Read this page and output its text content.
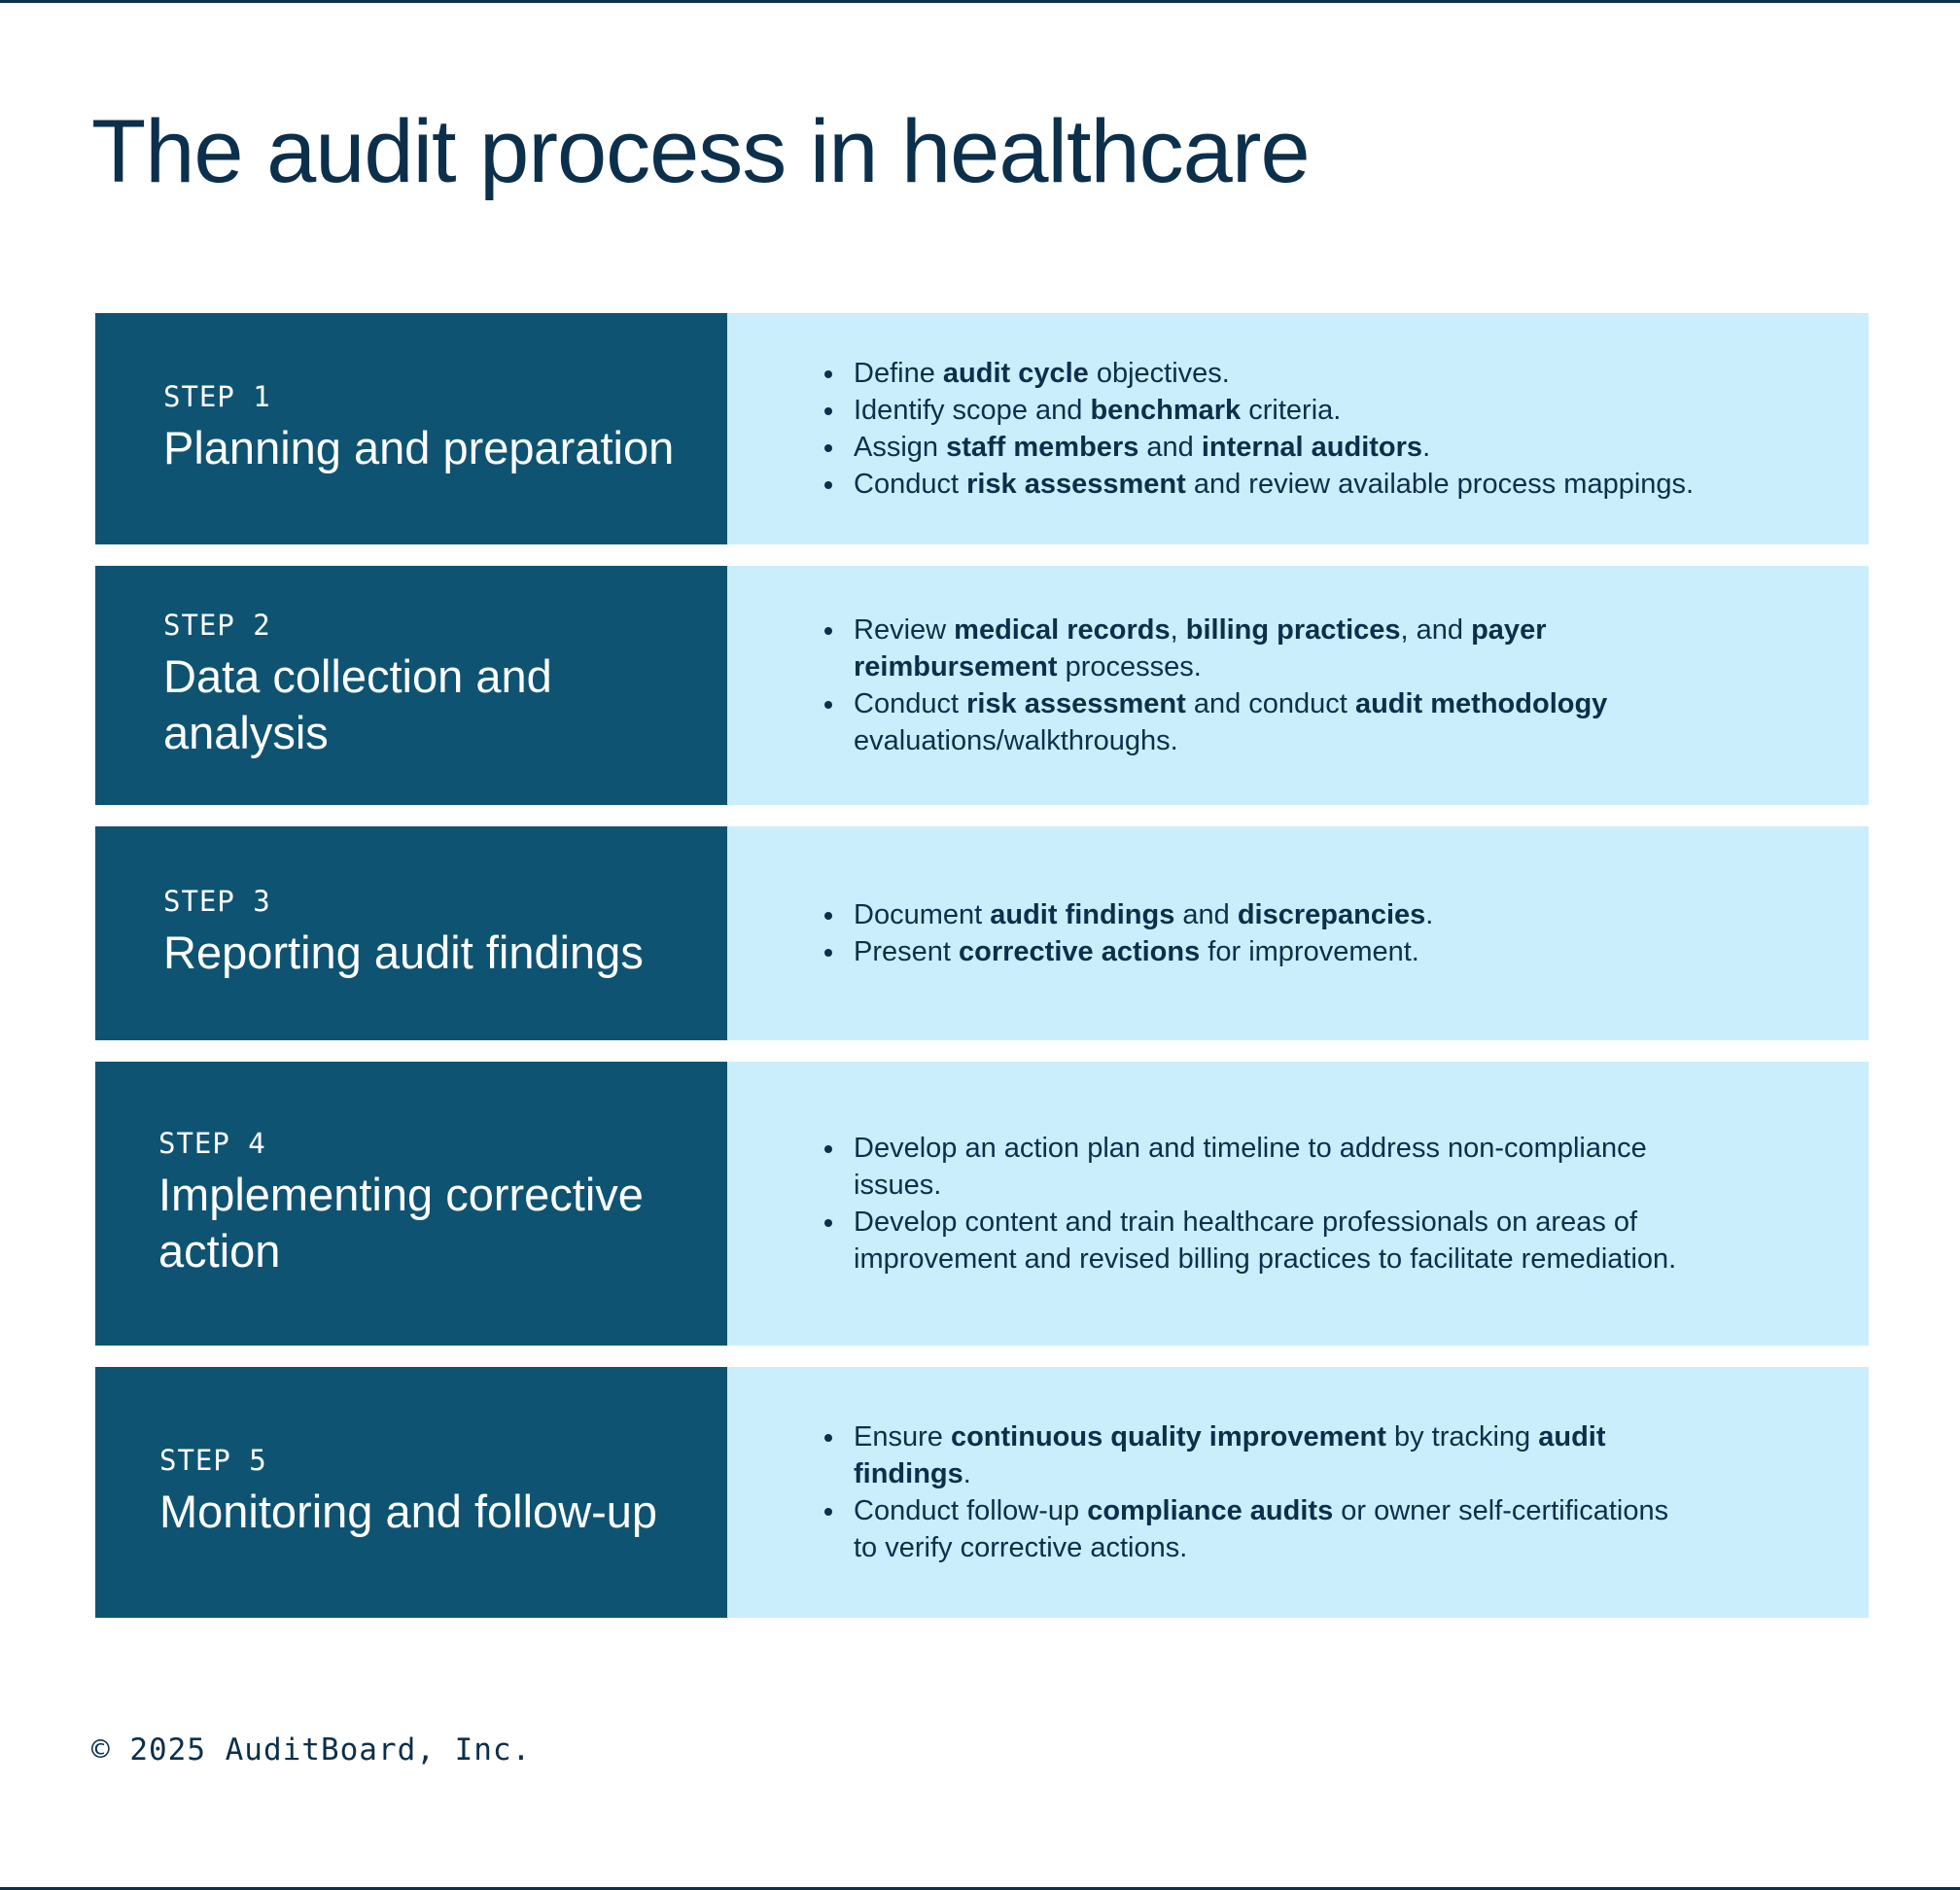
The audit process in healthcare
STEP 1
Planning and preparation
Define audit cycle objectives.
Identify scope and benchmark criteria.
Assign staff members and internal auditors.
Conduct risk assessment and review available process mappings.
STEP 2
Data collection and analysis
Review medical records, billing practices, and payer reimbursement processes.
Conduct risk assessment and conduct audit methodology evaluations/walkthroughs.
STEP 3
Reporting audit findings
Document audit findings and discrepancies.
Present corrective actions for improvement.
STEP 4
Implementing corrective action
Develop an action plan and timeline to address non-compliance issues.
Develop content and train healthcare professionals on areas of improvement and revised billing practices to facilitate remediation.
STEP 5
Monitoring and follow-up
Ensure continuous quality improvement by tracking audit findings.
Conduct follow-up compliance audits or owner self-certifications to verify corrective actions.
© 2025 AuditBoard, Inc.
